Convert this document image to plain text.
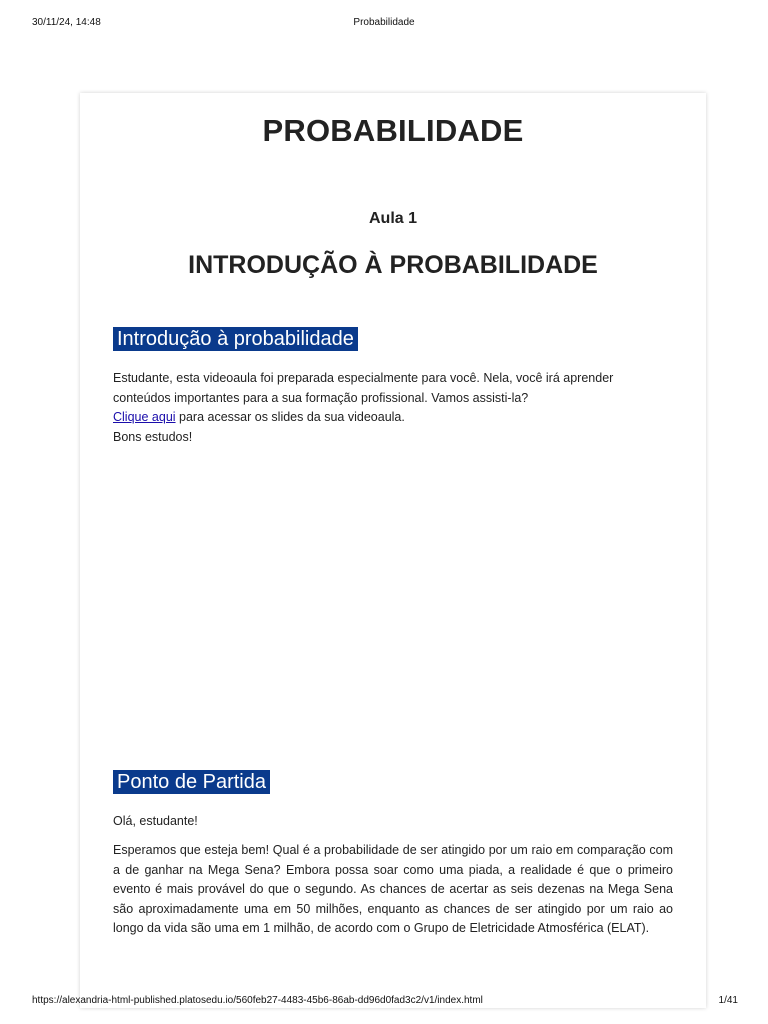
30/11/24, 14:48	Probabilidade
PROBABILIDADE
Aula 1
INTRODUÇÃO À PROBABILIDADE
Introdução à probabilidade

Estudante, esta videoaula foi preparada especialmente para você. Nela, você irá aprender conteúdos importantes para a sua formação profissional. Vamos assisti-la?

Clique aqui para acessar os slides da sua videoaula.

Bons estudos!

Ponto de Partida

Olá, estudante!

Esperamos que esteja bem! Qual é a probabilidade de ser atingido por um raio em comparação com a de ganhar na Mega Sena? Embora possa soar como uma piada, a realidade é que o primeiro evento é mais provável do que o segundo. As chances de acertar as seis dezenas na Mega Sena são aproximadamente uma em 50 milhões, enquanto as chances de ser atingido por um raio ao longo da vida são uma em 1 milhão, de acordo com o Grupo de Eletricidade Atmosférica (ELAT).

https://alexandria-html-published.platosedu.io/560feb27-4483-45b6-86ab-dd96d0fad3c2/v1/index.html	1/41
